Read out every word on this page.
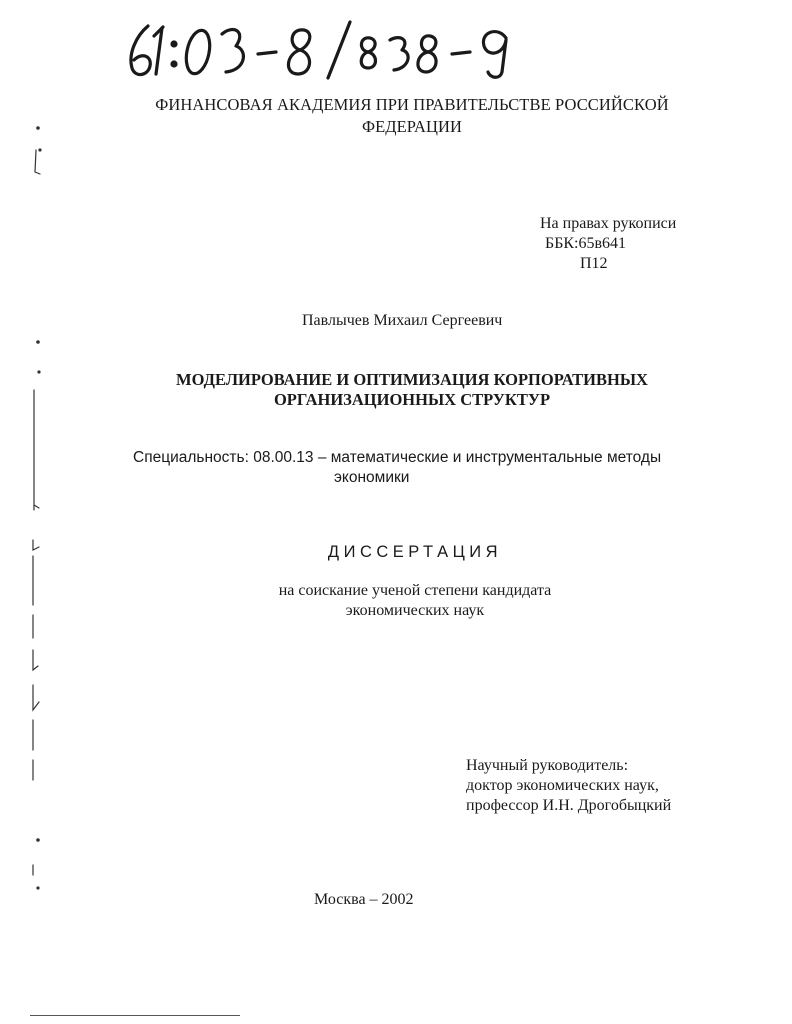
ФИНАНСОВАЯ АКАДЕМИЯ ПРИ ПРАВИТЕЛЬСТВЕ РОССИЙСКОЙ
ФЕДЕРАЦИИ

На правах рукописи

ББК:65в641

П12

Павлычев Михаил Сергеевич

МОДЕЛИРОВАНИЕ И ОПТИМИЗАЦИЯ КОРПОРАТИВНЫХ
ОРГАНИЗАЦИОННЫХ СТРУКТУР

Специальность: 08.00.13 – математические и инструментальные методы

экономики

ДИССЕРТАЦИЯ

на соискание ученой степени кандидата
экономических наук

Научный руководитель:
доктор экономических наук,
профессор И.Н. Дрогобыцкий

Москва – 2002
